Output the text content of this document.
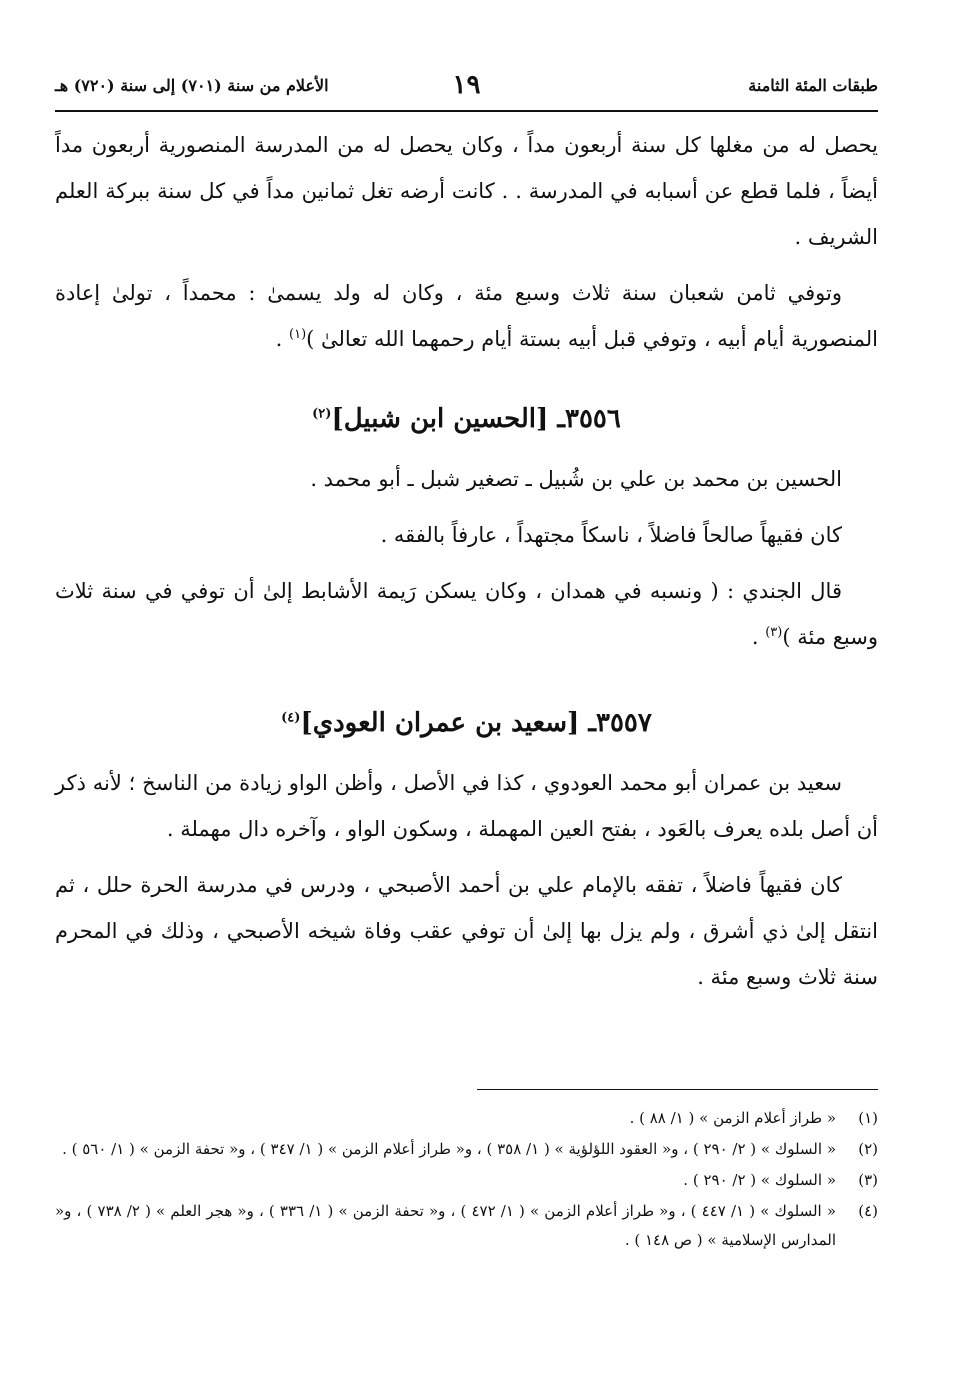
طبقات المئة الثامنة
١٩
الأعلام من سنة (٧٠١) إلى سنة (٧٢٠) هـ

يحصل له من مغلها كل سنة أربعون مداً ، وكان يحصل له من المدرسة المنصورية أربعون مداً أيضاً ، فلما قطع عن أسبابه في المدرسة . . كانت أرضه تغل ثمانين مداً في كل سنة ببركة العلم الشريف .

وتوفي ثامن شعبان سنة ثلاث وسبع مئة ، وكان له ولد يسمىٰ : محمداً ، تولىٰ إعادة المنصورية أيام أبيه ، وتوفي قبل أبيه بستة أيام رحمهما الله تعالىٰ )$^{(١)}$ .

٣٥٥٦ـ [الحسين ابن شبيل]$^{(٢)}$

الحسين بن محمد بن علي بن شُبيل ـ تصغير شبل ـ أبو محمد .

كان فقيهاً صالحاً فاضلاً ، ناسكاً مجتهداً ، عارفاً بالفقه .

قال الجندي : ( ونسبه في همدان ، وكان يسكن رَيمة الأشابط إلىٰ أن توفي في سنة ثلاث وسبع مئة )$^{(٣)}$ .

٣٥٥٧ـ [سعيد بن عمران العودي]$^{(٤)}$

سعيد بن عمران أبو محمد العودوي ، كذا في الأصل ، وأظن الواو زيادة من الناسخ ؛ لأنه ذكر أن أصل بلده يعرف بالعَود ، بفتح العين المهملة ، وسكون الواو ، وآخره دال مهملة .

كان فقيهاً فاضلاً ، تفقه بالإمام علي بن أحمد الأصبحي ، ودرس في مدرسة الحرة حلل ، ثم انتقل إلىٰ ذي أشرق ، ولم يزل بها إلىٰ أن توفي عقب وفاة شيخه الأصبحي ، وذلك في المحرم سنة ثلاث وسبع مئة .

(١)
« طراز أعلام الزمن » ( ١/ ٨٨ ) .
(٢)
« السلوك » ( ٢/ ٢٩٠ ) ، و« العقود اللؤلؤية » ( ١/ ٣٥٨ ) ، و« طراز أعلام الزمن » ( ١/ ٣٤٧ ) ، و« تحفة الزمن » ( ١/ ٥٦٠ ) .
(٣)
« السلوك » ( ٢/ ٢٩٠ ) .
(٤)
« السلوك » ( ١/ ٤٤٧ ) ، و« طراز أعلام الزمن » ( ١/ ٤٧٢ ) ، و« تحفة الزمن » ( ١/ ٣٣٦ ) ، و« هجر العلم » ( ٢/ ٧٣٨ ) ، و« المدارس الإسلامية » ( ص ١٤٨ ) .
